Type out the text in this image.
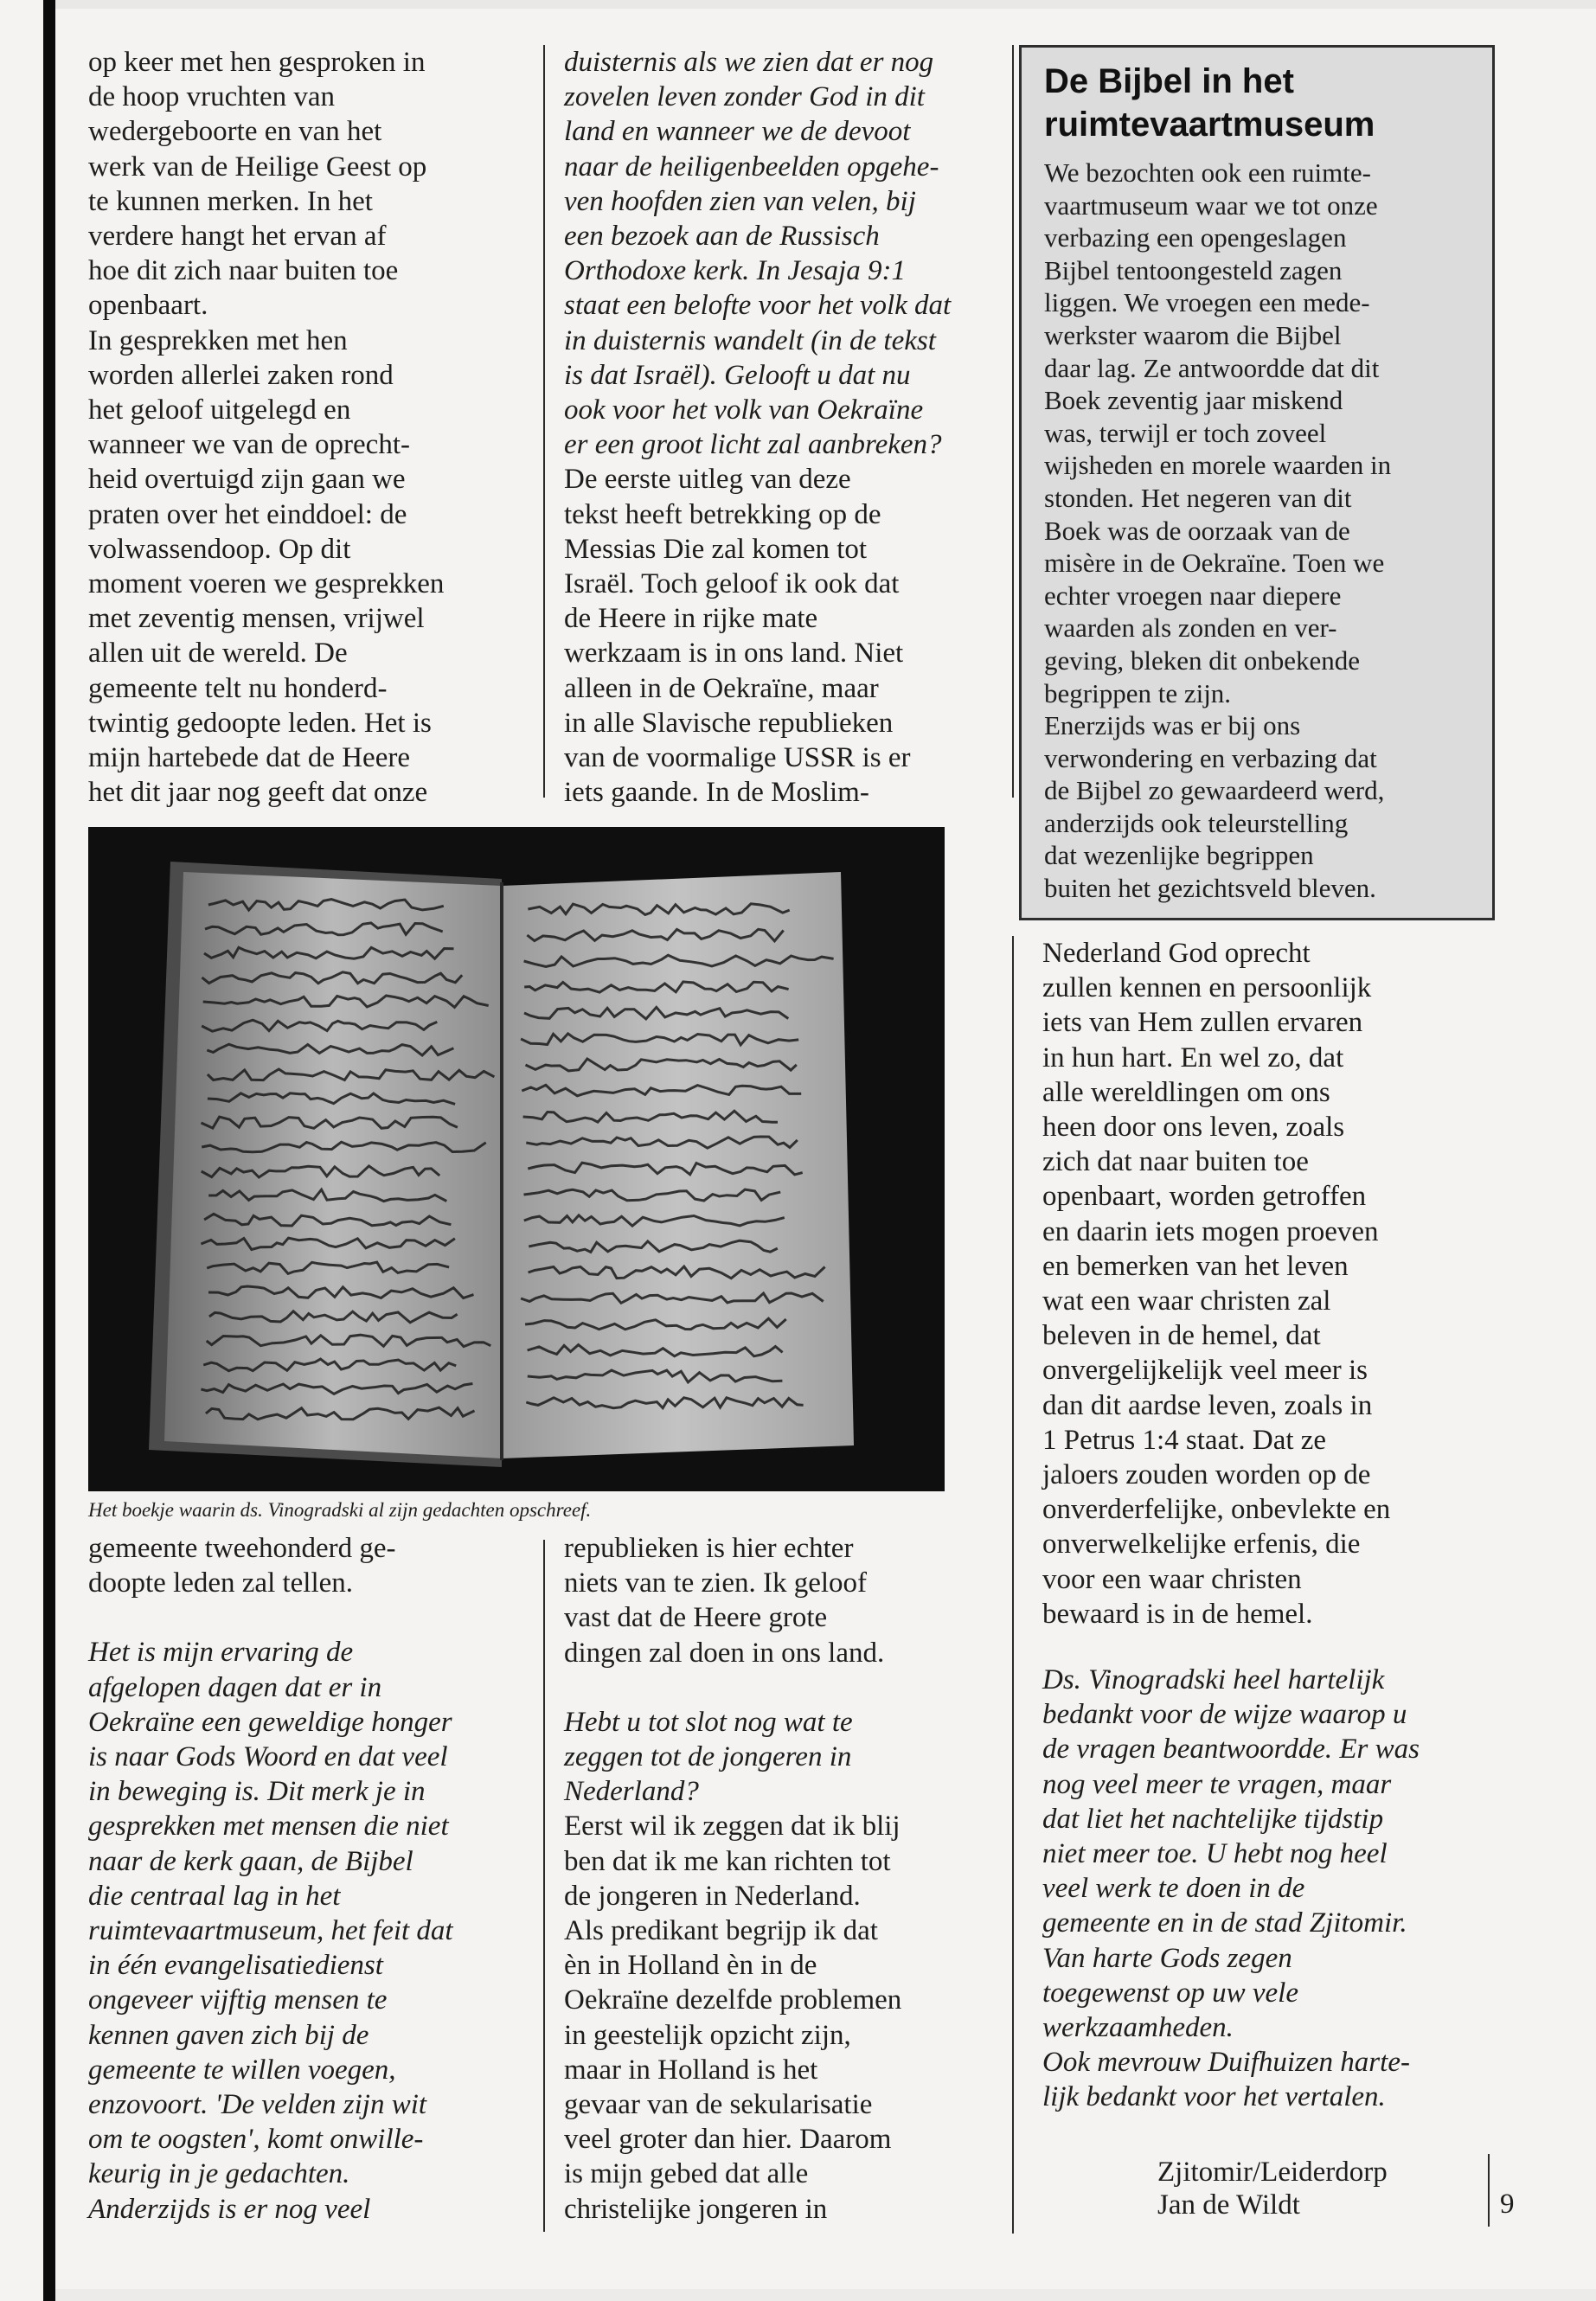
op keer met hen gesproken in

de hoop vruchten van

wedergeboorte en van het

werk van de Heilige Geest op

te kunnen merken. In het

verdere hangt het ervan af

hoe dit zich naar buiten toe

openbaart.

In gesprekken met hen

worden allerlei zaken rond

het geloof uitgelegd en

wanneer we van de oprecht-

heid overtuigd zijn gaan we

praten over het einddoel: de

volwassendoop. Op dit

moment voeren we gesprekken

met zeventig mensen, vrijwel

allen uit de wereld. De

gemeente telt nu honderd-

twintig gedoopte leden. Het is

mijn hartebede dat de Heere

het dit jaar nog geeft dat onze

duisternis als we zien dat er nog

zovelen leven zonder God in dit

land en wanneer we de devoot

naar de heiligenbeelden opgehe-

ven hoofden zien van velen, bij

een bezoek aan de Russisch

Orthodoxe kerk. In Jesaja 9:1

staat een belofte voor het volk dat

in duisternis wandelt (in de tekst

is dat Israël). Gelooft u dat nu

ook voor het volk van Oekraïne

er een groot licht zal aanbreken?

De eerste uitleg van deze

tekst heeft betrekking op de

Messias Die zal komen tot

Israël. Toch geloof ik ook dat

de Heere in rijke mate

werkzaam is in ons land. Niet

alleen in de Oekraïne, maar

in alle Slavische republieken

van de voormalige USSR is er

iets gaande. In de Moslim-

De Bijbel in het
ruimtevaartmuseum

We bezochten ook een ruimte-

vaartmuseum waar we tot onze

verbazing een opengeslagen

Bijbel tentoongesteld zagen

liggen. We vroegen een mede-

werkster waarom die Bijbel

daar lag. Ze antwoordde dat dit

Boek zeventig jaar miskend

was, terwijl er toch zoveel

wijsheden en morele waarden in

stonden. Het negeren van dit

Boek was de oorzaak van de

misère in de Oekraïne. Toen we

echter vroegen naar diepere

waarden als zonden en ver-

geving, bleken dit onbekende

begrippen te zijn.

Enerzijds was er bij ons

verwondering en verbazing dat

de Bijbel zo gewaardeerd werd,

anderzijds ook teleurstelling

dat wezenlijke begrippen

buiten het gezichtsveld bleven.

Nederland God oprecht

zullen kennen en persoonlijk

iets van Hem zullen ervaren

in hun hart. En wel zo, dat

alle wereldlingen om ons

heen door ons leven, zoals

zich dat naar buiten toe

openbaart, worden getroffen

en daarin iets mogen proeven

en bemerken van het leven

wat een waar christen zal

beleven in de hemel, dat

onvergelijkelijk veel meer is

dan dit aardse leven, zoals in

1 Petrus 1:4 staat. Dat ze

jaloers zouden worden op de

onverderfelijke, onbevlekte en

onverwelkelijke erfenis, die

voor een waar christen

bewaard is in de hemel.

Het boekje waarin ds. Vinogradski al zijn gedachten opschreef.

gemeente tweehonderd ge-

doopte leden zal tellen.

Het is mijn ervaring de

afgelopen dagen dat er in

Oekraïne een geweldige honger

is naar Gods Woord en dat veel

in beweging is. Dit merk je in

gesprekken met mensen die niet

naar de kerk gaan, de Bijbel

die centraal lag in het

ruimtevaartmuseum, het feit dat

in één evangelisatiedienst

ongeveer vijftig mensen te

kennen gaven zich bij de

gemeente te willen voegen,

enzovoort. 'De velden zijn wit

om te oogsten', komt onwille-

keurig in je gedachten.

Anderzijds is er nog veel

republieken is hier echter

niets van te zien. Ik geloof

vast dat de Heere grote

dingen zal doen in ons land.

Hebt u tot slot nog wat te

zeggen tot de jongeren in

Nederland?

Eerst wil ik zeggen dat ik blij

ben dat ik me kan richten tot

de jongeren in Nederland.

Als predikant begrijp ik dat

èn in Holland èn in de

Oekraïne dezelfde problemen

in geestelijk opzicht zijn,

maar in Holland is het

gevaar van de sekularisatie

veel groter dan hier. Daarom

is mijn gebed dat alle

christelijke jongeren in

Ds. Vinogradski heel hartelijk

bedankt voor de wijze waarop u

de vragen beantwoordde. Er was

nog veel meer te vragen, maar

dat liet het nachtelijke tijdstip

niet meer toe. U hebt nog heel

veel werk te doen in de

gemeente en in de stad Zjitomir.

Van harte Gods zegen

toegewenst op uw vele

werkzaamheden.

Ook mevrouw Duifhuizen harte-

lijk bedankt voor het vertalen.

Zjitomir/Leiderdorp
Jan de Wildt	9
